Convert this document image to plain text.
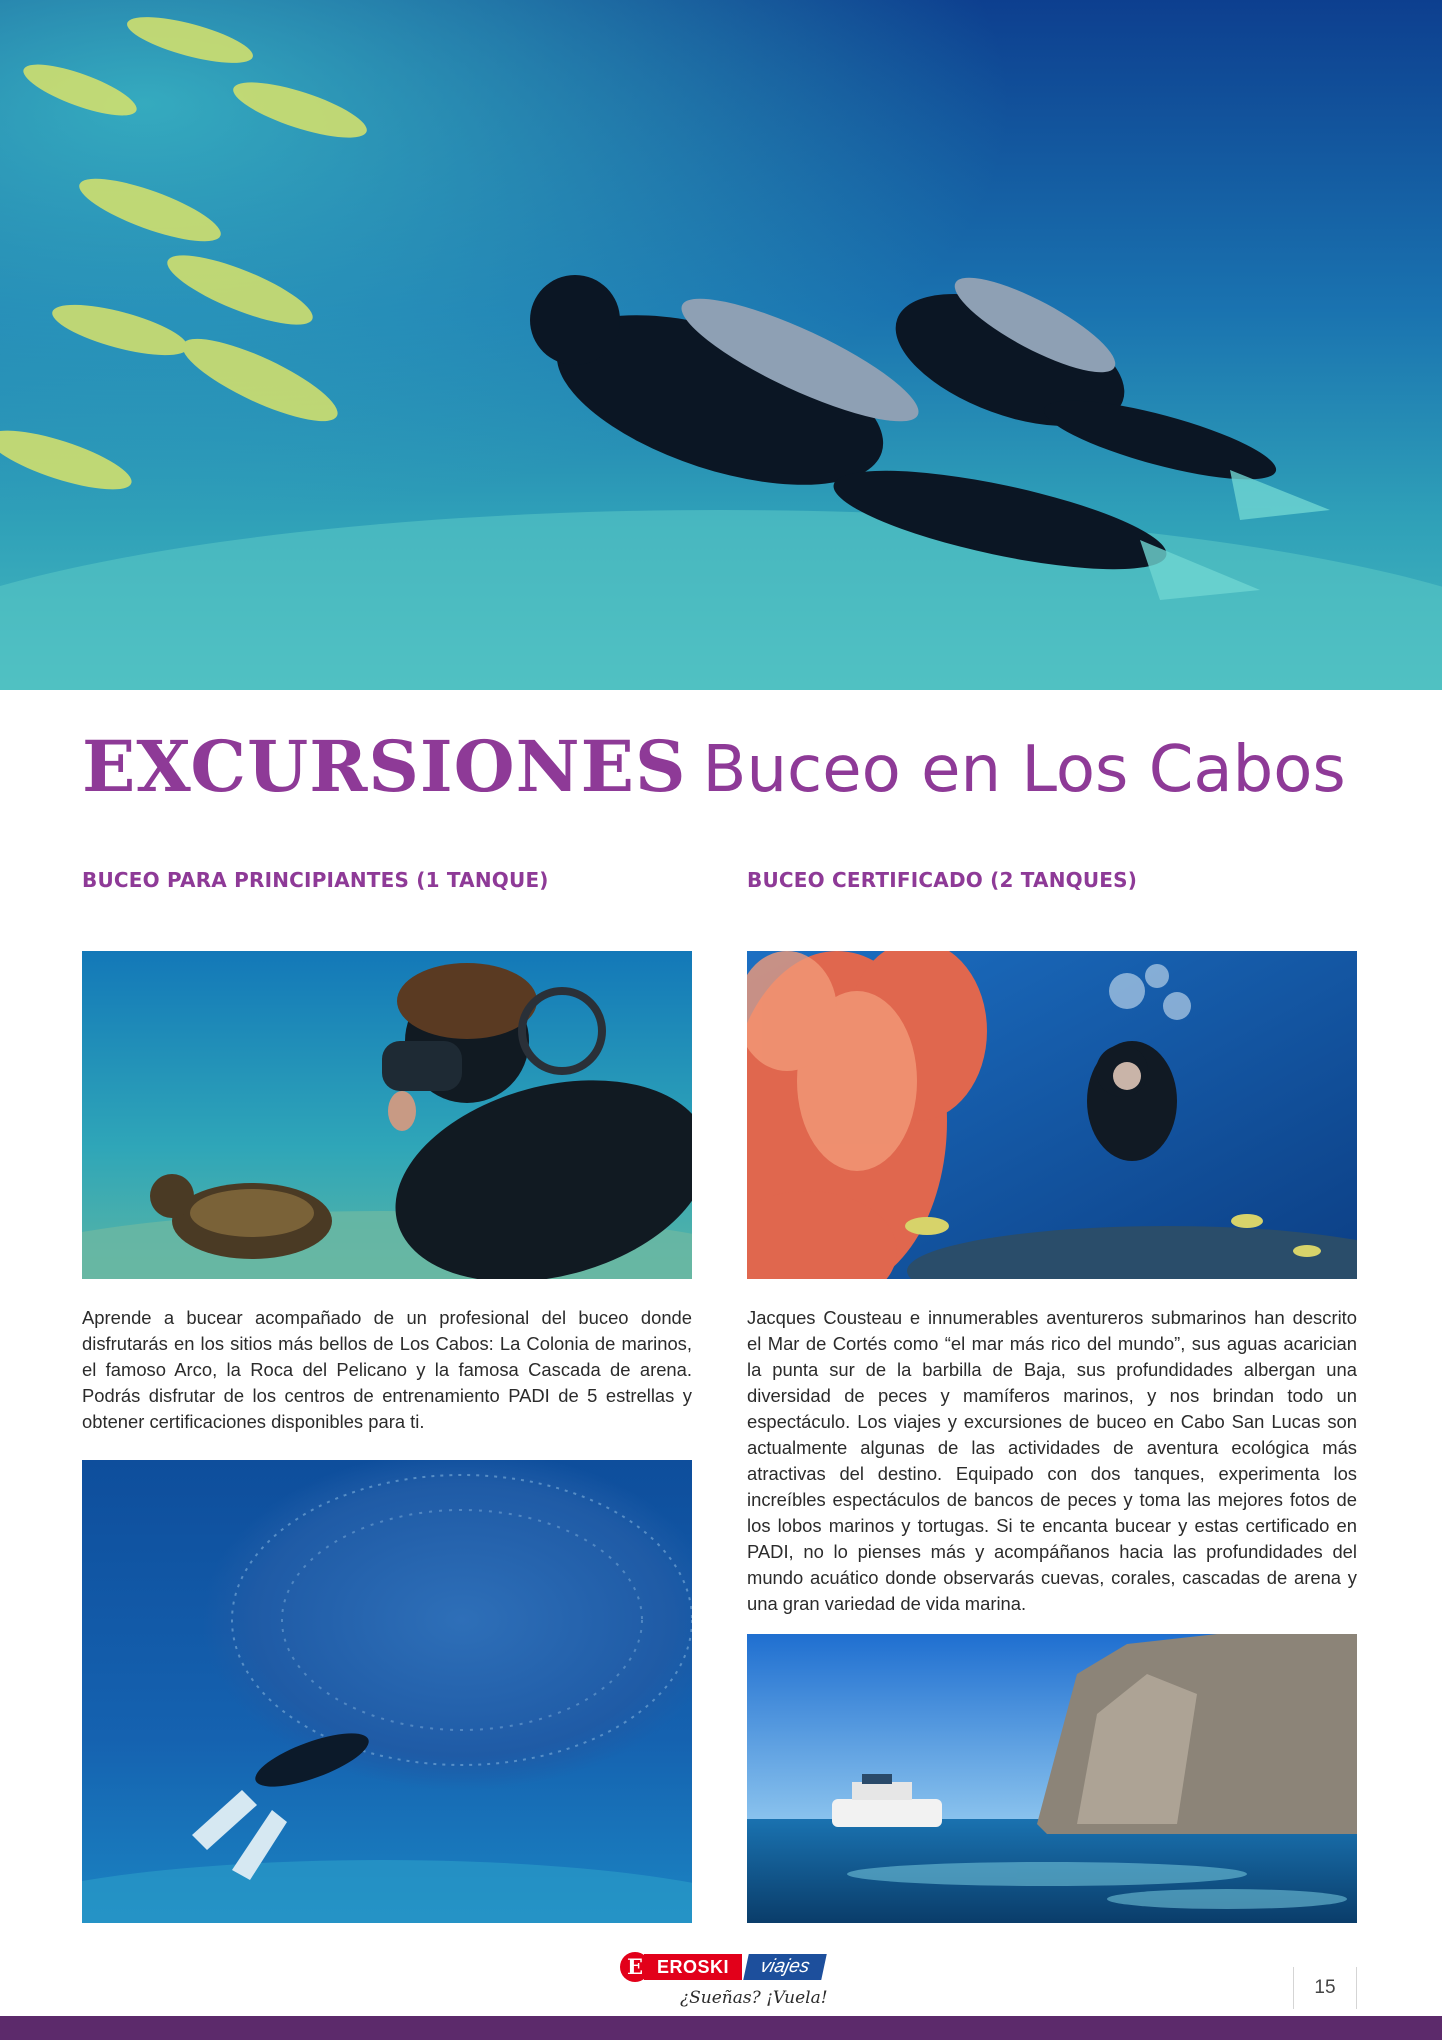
EXCURSIONES Buceo en Los Cabos
BUCEO PARA PRINCIPIANTES (1 TANQUE)	BUCEO CERTIFICADO (2 TANQUES)

Aprende a bucear acompañado de un profesional del buceo donde disfrutarás en los sitios más bellos de Los Cabos: La Colonia de marinos, el famoso Arco, la Roca del Pelicano y la famosa Cascada de arena. Podrás disfrutar de los centros de entrenamiento PADI de 5 estrellas y obtener certificaciones disponibles para ti.

Jacques Cousteau e innumerables aventureros submarinos han descrito el Mar de Cortés como “el mar más rico del mundo”, sus aguas acarician la punta sur de la barbilla de Baja, sus profundidades albergan una diversidad de peces y mamíferos marinos, y nos brindan todo un espectáculo. Los viajes y excursiones de buceo en Cabo San Lucas son actualmente algunas de las actividades de aventura ecológica más atractivas del destino. Equipado con dos tanques, experimenta los increíbles espectáculos de bancos de peces y toma las mejores fotos de los lobos marinos y tortugas. Si te encanta bucear y estas certificado en PADI, no lo pienses más y acompáñanos hacia las profundidades del mundo acuático donde observarás cuevas, corales, cascadas de arena y una gran variedad de vida marina.

EROSKI
E	viajes
¿Sueñas? ¡Vuela!	15
